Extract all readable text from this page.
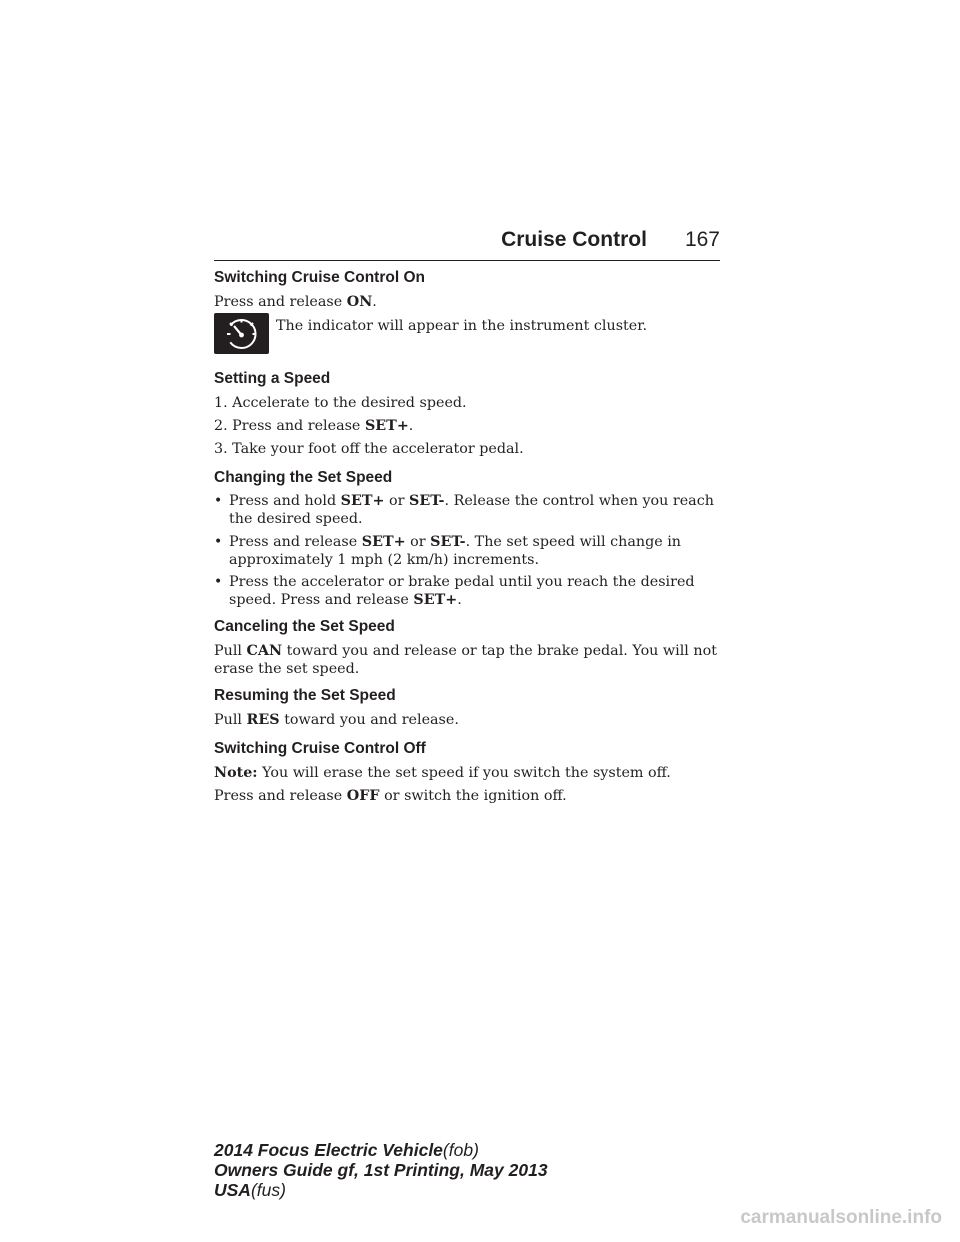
Cruise Control	167
Switching Cruise Control On
Press and release ON.
The indicator will appear in the instrument cluster.
Setting a Speed
1. Accelerate to the desired speed.
2. Press and release SET+.
3. Take your foot off the accelerator pedal.
Changing the Set Speed
• Press and hold SET+ or SET-. Release the control when you reach
the desired speed.
• Press and release SET+ or SET-. The set speed will change in
approximately 1 mph (2 km/h) increments.
• Press the accelerator or brake pedal until you reach the desired
speed. Press and release SET+.
Canceling the Set Speed
Pull CAN toward you and release or tap the brake pedal. You will not
erase the set speed.
Resuming the Set Speed
Pull RES toward you and release.
Switching Cruise Control Off
Note: You will erase the set speed if you switch the system off.
Press and release OFF or switch the ignition off.
2014 Focus Electric Vehicle(fob)
Owners Guide gf, 1st Printing, May 2013
USA(fus)
carmanualsonline.info
